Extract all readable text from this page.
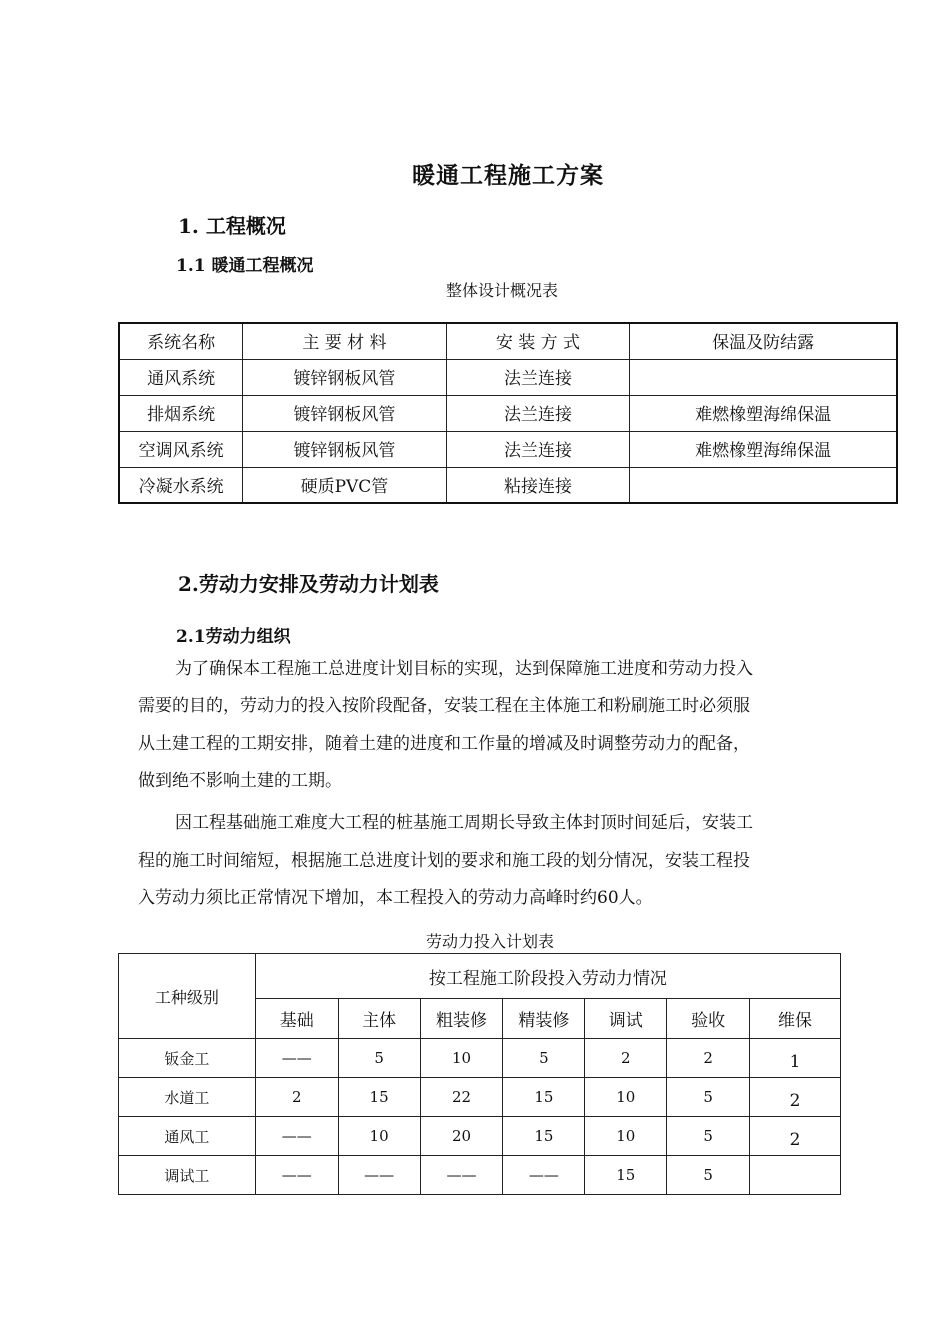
暖通工程施工方案
1. 工程概况
1.1 暖通工程概况
整体设计概况表
系统名称	主 要 材 料	安 装 方 式	保温及防结露
通风系统	镀锌钢板风管	法兰连接	
排烟系统	镀锌钢板风管	法兰连接	难燃橡塑海绵保温
空调风系统	镀锌钢板风管	法兰连接	难燃橡塑海绵保温
冷凝水系统	硬质PVC管	粘接连接	
2.劳动力安排及劳动力计划表
2.1劳动力组织
为了确保本工程施工总进度计划目标的实现，达到保障施工进度和劳动力投入
需要的目的，劳动力的投入按阶段配备，安装工程在主体施工和粉刷施工时必须服
从土建工程的工期安排，随着土建的进度和工作量的增减及时调整劳动力的配备，
做到绝不影响土建的工期。
因工程基础施工难度大工程的桩基施工周期长导致主体封顶时间延后，安装工
程的施工时间缩短，根据施工总进度计划的要求和施工段的划分情况，安装工程投
入劳动力须比正常情况下增加，本工程投入的劳动力高峰时约60人。
劳动力投入计划表
工种级别	按工程施工阶段投入劳动力情况						
	基础	主体	粗装修	精装修	调试	验收	维保
钣金工	——	5	10	5	2	2	1
水道工	2	15	22	15	10	5	2
通风工	——	10	20	15	10	5	2
调试工	——	——	——	——	15	5	
